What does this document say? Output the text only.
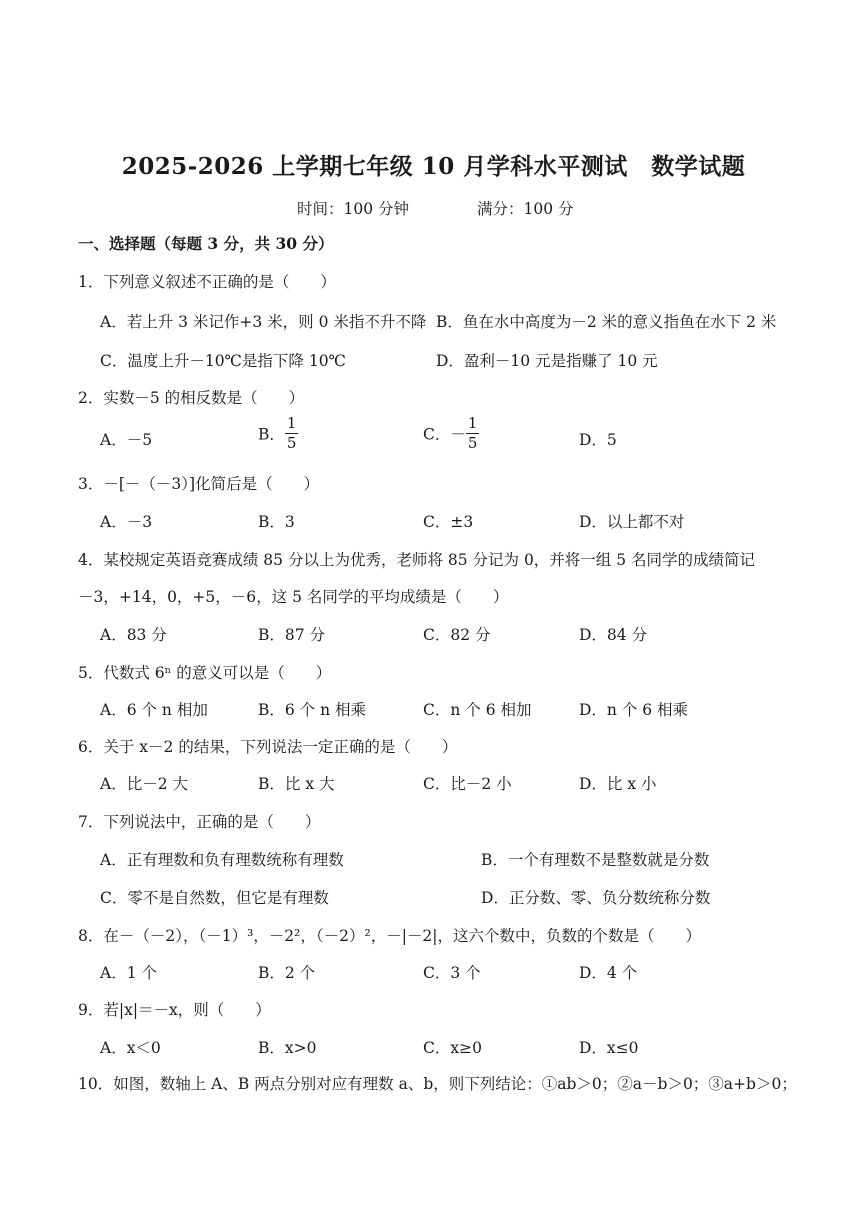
2025-2026 上学期七年级 10 月学科水平测试　数学试题
时间：100 分钟	满分：100 分
一、选择题（每题 3 分，共 30 分）
1．下列意义叙述不正确的是（　　）
A．若上升 3 米记作+3 米，则 0 米指不升不降 B．鱼在水中高度为－2 米的意义指鱼在水下 2 米
C．温度上升－10℃是指下降 10℃	D．盈利－10 元是指赚了 10 元
2．实数－5 的相反数是（　　）
A．－5	B． $\frac{1}{5}$	C．－ $\frac{1}{5}$	D．5
3．－[－（－3）]化简后是（　　）
A．－3	B．3	C．±3	D．以上都不对
4．某校规定英语竞赛成绩 85 分以上为优秀，老师将 85 分记为 0，并将一组 5 名同学的成绩简记
－3，+14，0，+5，－6，这 5 名同学的平均成绩是（　　）
A．83 分	B．87 分	C．82 分	D．84 分
5．代数式 6ⁿ 的意义可以是（　　）
A．6 个 n 相加	B．6 个 n 相乘	C．n 个 6 相加	D．n 个 6 相乘
6．关于 x－2 的结果，下列说法一定正确的是（　　）
A．比－2 大	B．比 x 大	C．比－2 小	D．比 x 小
7．下列说法中，正确的是（　　）
A．正有理数和负有理数统称有理数	B．一个有理数不是整数就是分数
C．零不是自然数，但它是有理数	D．正分数、零、负分数统称分数
8．在－（－2），（－1）³，－2²，（－2）²，－|－2|，这六个数中，负数的个数是（　　）
A．1 个	B．2 个	C．3 个	D．4 个
9．若|x|＝－x，则（　　）
A．x＜0	B．x>0	C．x≥0	D．x≤0
10．如图，数轴上 A、B 两点分别对应有理数 a、b，则下列结论：①ab＞0；②a－b＞0；③a+b＞0；
